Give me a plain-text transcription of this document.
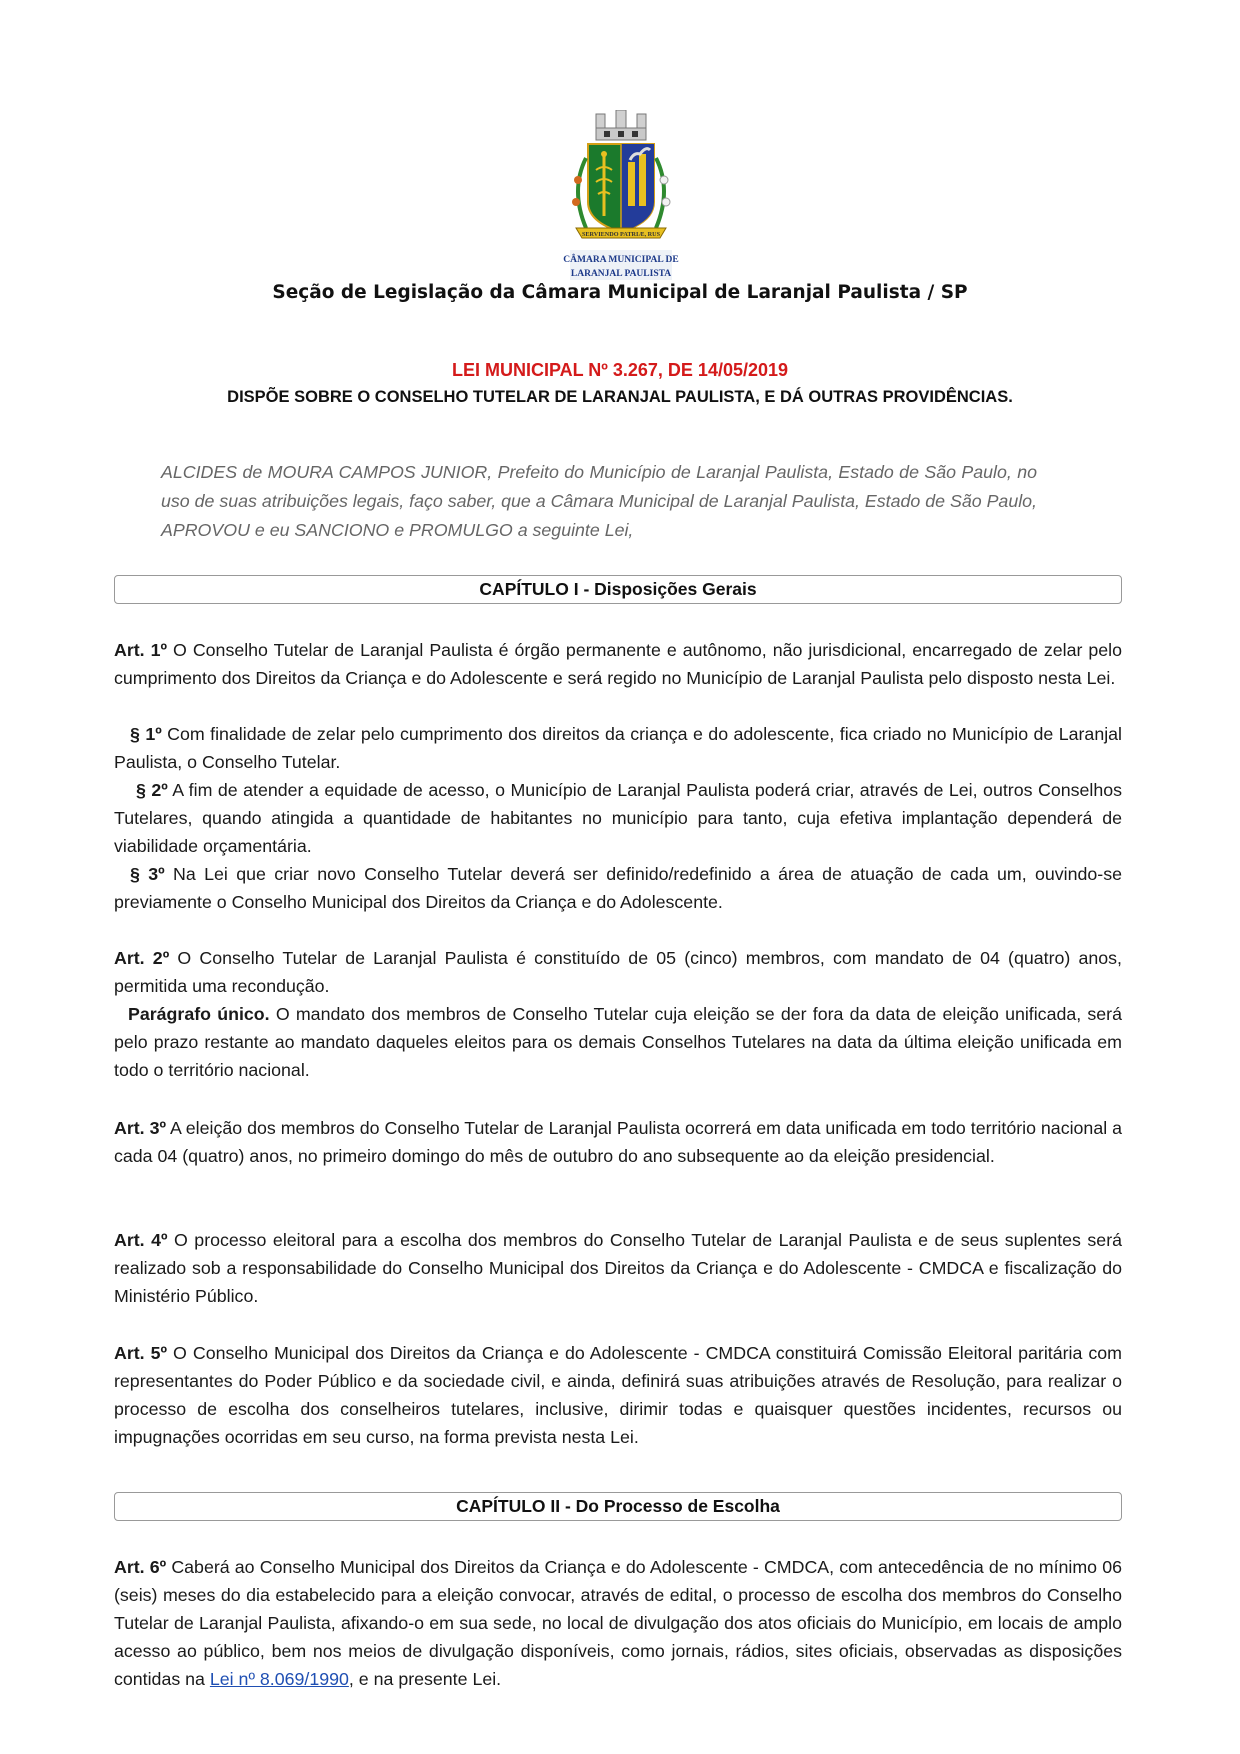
SERVIENDO PATRIÆ, RUS
CÂMARA MUNICIPAL DE
LARANJAL PAULISTA
Seção de Legislação da Câmara Municipal de Laranjal Paulista / SP
LEI MUNICIPAL Nº 3.267, DE 14/05/2019
DISPÕE SOBRE O CONSELHO TUTELAR DE LARANJAL PAULISTA, E DÁ OUTRAS PROVIDÊNCIAS.
ALCIDES de MOURA CAMPOS JUNIOR, Prefeito do Município de Laranjal Paulista, Estado de São Paulo, no uso de suas atribuições legais, faço saber, que a Câmara Municipal de Laranjal Paulista, Estado de São Paulo, APROVOU e eu SANCIONO e PROMULGO a seguinte Lei,
CAPÍTULO I - Disposições Gerais
Art. 1º O Conselho Tutelar de Laranjal Paulista é órgão permanente e autônomo, não jurisdicional, encarregado de zelar pelo cumprimento dos Direitos da Criança e do Adolescente e será regido no Município de Laranjal Paulista pelo disposto nesta Lei.
§ 1º Com finalidade de zelar pelo cumprimento dos direitos da criança e do adolescente, fica criado no Município de Laranjal Paulista, o Conselho Tutelar.
§ 2º A fim de atender a equidade de acesso, o Município de Laranjal Paulista poderá criar, através de Lei, outros Conselhos Tutelares, quando atingida a quantidade de habitantes no município para tanto, cuja efetiva implantação dependerá de viabilidade orçamentária.
§ 3º Na Lei que criar novo Conselho Tutelar deverá ser definido/redefinido a área de atuação de cada um, ouvindo-se previamente o Conselho Municipal dos Direitos da Criança e do Adolescente.
Art. 2º O Conselho Tutelar de Laranjal Paulista é constituído de 05 (cinco) membros, com mandato de 04 (quatro) anos, permitida uma recondução.
Parágrafo único. O mandato dos membros de Conselho Tutelar cuja eleição se der fora da data de eleição unificada, será pelo prazo restante ao mandato daqueles eleitos para os demais Conselhos Tutelares na data da última eleição unificada em todo o território nacional.
Art. 3º A eleição dos membros do Conselho Tutelar de Laranjal Paulista ocorrerá em data unificada em todo território nacional a cada 04 (quatro) anos, no primeiro domingo do mês de outubro do ano subsequente ao da eleição presidencial.
Art. 4º O processo eleitoral para a escolha dos membros do Conselho Tutelar de Laranjal Paulista e de seus suplentes será realizado sob a responsabilidade do Conselho Municipal dos Direitos da Criança e do Adolescente - CMDCA e fiscalização do Ministério Público.
Art. 5º O Conselho Municipal dos Direitos da Criança e do Adolescente - CMDCA constituirá Comissão Eleitoral paritária com representantes do Poder Público e da sociedade civil, e ainda, definirá suas atribuições através de Resolução, para realizar o processo de escolha dos conselheiros tutelares, inclusive, dirimir todas e quaisquer questões incidentes, recursos ou impugnações ocorridas em seu curso, na forma prevista nesta Lei.
CAPÍTULO II - Do Processo de Escolha
Art. 6º Caberá ao Conselho Municipal dos Direitos da Criança e do Adolescente - CMDCA, com antecedência de no mínimo 06 (seis) meses do dia estabelecido para a eleição convocar, através de edital, o processo de escolha dos membros do Conselho Tutelar de Laranjal Paulista, afixando-o em sua sede, no local de divulgação dos atos oficiais do Município, em locais de amplo acesso ao público, bem nos meios de divulgação disponíveis, como jornais, rádios, sites oficiais, observadas as disposições contidas na Lei nº 8.069/1990, e na presente Lei.
